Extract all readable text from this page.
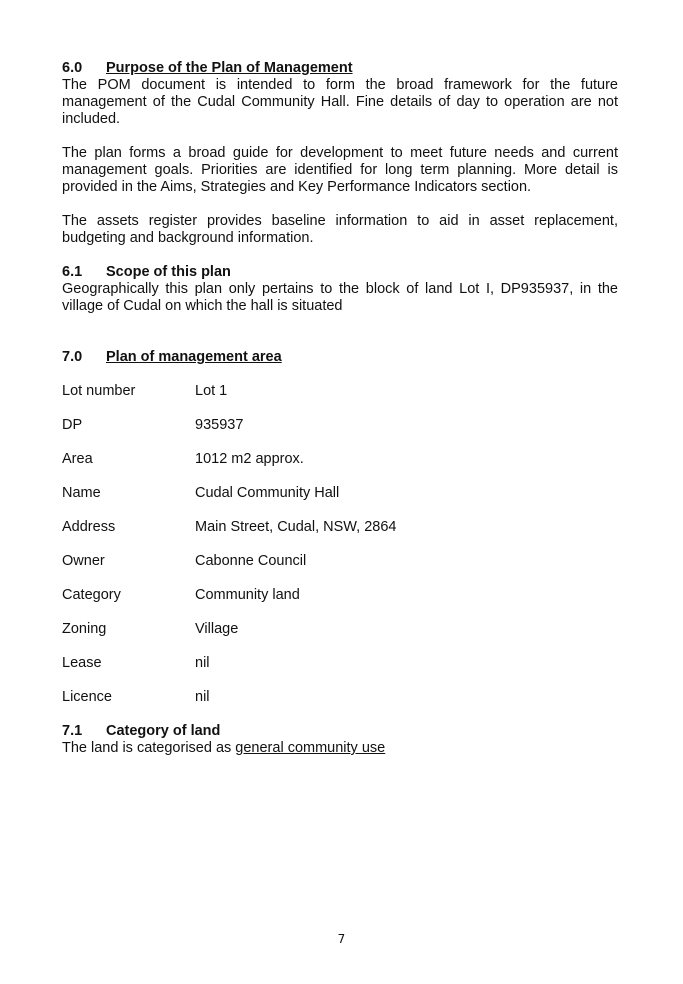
6.0 Purpose of the Plan of Management

The POM document is intended to form the broad framework for the future management of the Cudal Community Hall. Fine details of day to operation are not included.

The plan forms a broad guide for development to meet future needs and current management goals. Priorities are identified for long term planning. More detail is provided in the Aims, Strategies and Key Performance Indicators section.

The assets register provides baseline information to aid in asset replacement, budgeting and background information.

6.1 Scope of this plan

Geographically this plan only pertains to the block of land Lot I, DP935937, in the village of Cudal on which the hall is situated

7.0 Plan of management area

Lot number	Lot 1
DP	935937
Area	1012 m2 approx.
Name	Cudal Community Hall
Address	Main Street, Cudal, NSW, 2864
Owner	Cabonne Council
Category	Community land
Zoning	Village
Lease	nil
Licence	nil

7.1 Category of land

The land is categorised as general community use

7
